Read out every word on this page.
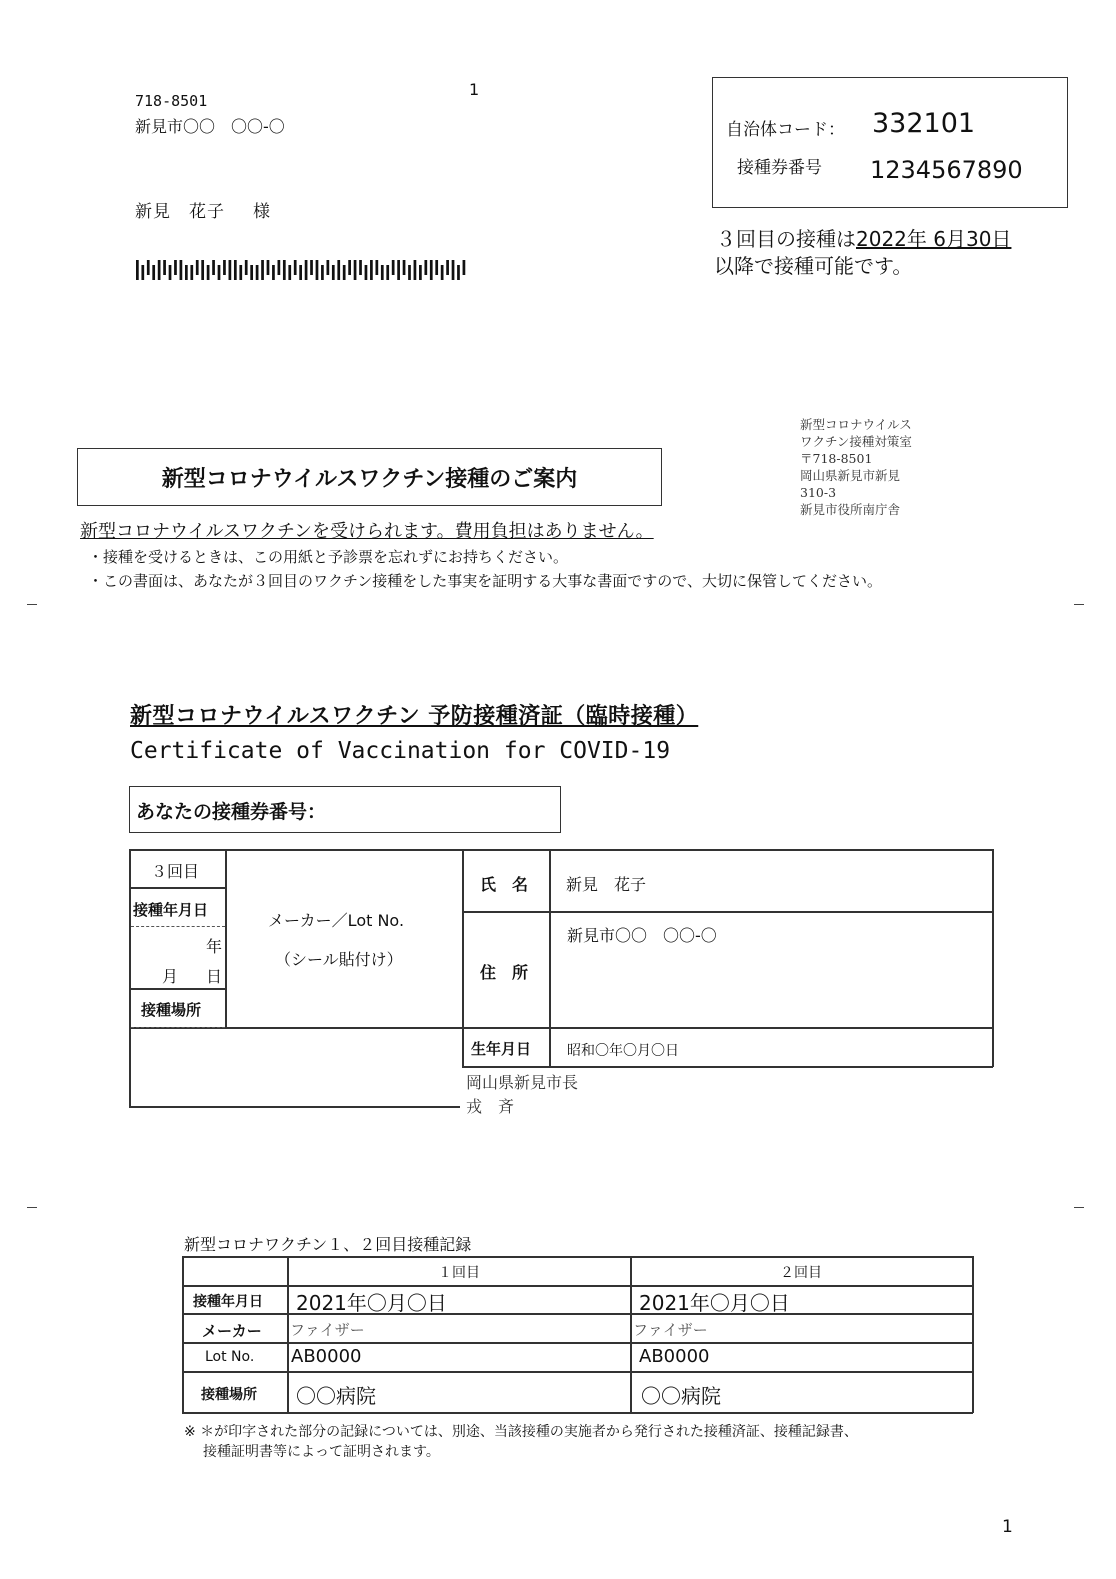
1
718-8501
新見市〇〇　〇〇-〇
新見　花子 様
自治体コード： 332101
接種券番号 1234567890
３回目の接種は2022年 6月30日
以降で接種可能です。
新型コロナウイルス
ワクチン接種対策室
〒718-8501
岡山県新見市新見
310-3
新見市役所南庁舎
新型コロナウイルスワクチン接種のご案内
新型コロナウイルスワクチンを受けられます。費用負担はありません。
・接種を受けるときは、この用紙と予診票を忘れずにお持ちください。
・この書面は、あなたが３回目のワクチン接種をした事実を証明する大事な書面ですので、大切に保管してください。
新型コロナウイルスワクチン 予防接種済証（臨時接種）
Certificate of Vaccination for COVID-19
あなたの接種券番号：
３回目
接種年月日
年
月 日
接種場所
メーカー／Lot No.
（シール貼付け）
氏　名 新見　花子
住　所
新見市〇〇　〇〇-〇
生年月日	昭和〇年〇月〇日
岡山県新見市長
戎　斉
新型コロナワクチン１、２回目接種記録
１回目	２回目
接種年月日 2021年〇月〇日	2021年〇月〇日
メーカー ファイザー	ファイザー
Lot No. AB0000	AB0000
接種場所 〇〇病院	〇〇病院
※ ＊が印字された部分の記録については、別途、当該接種の実施者から発行された接種済証、接種記録書、
接種証明書等によって証明されます。
1
